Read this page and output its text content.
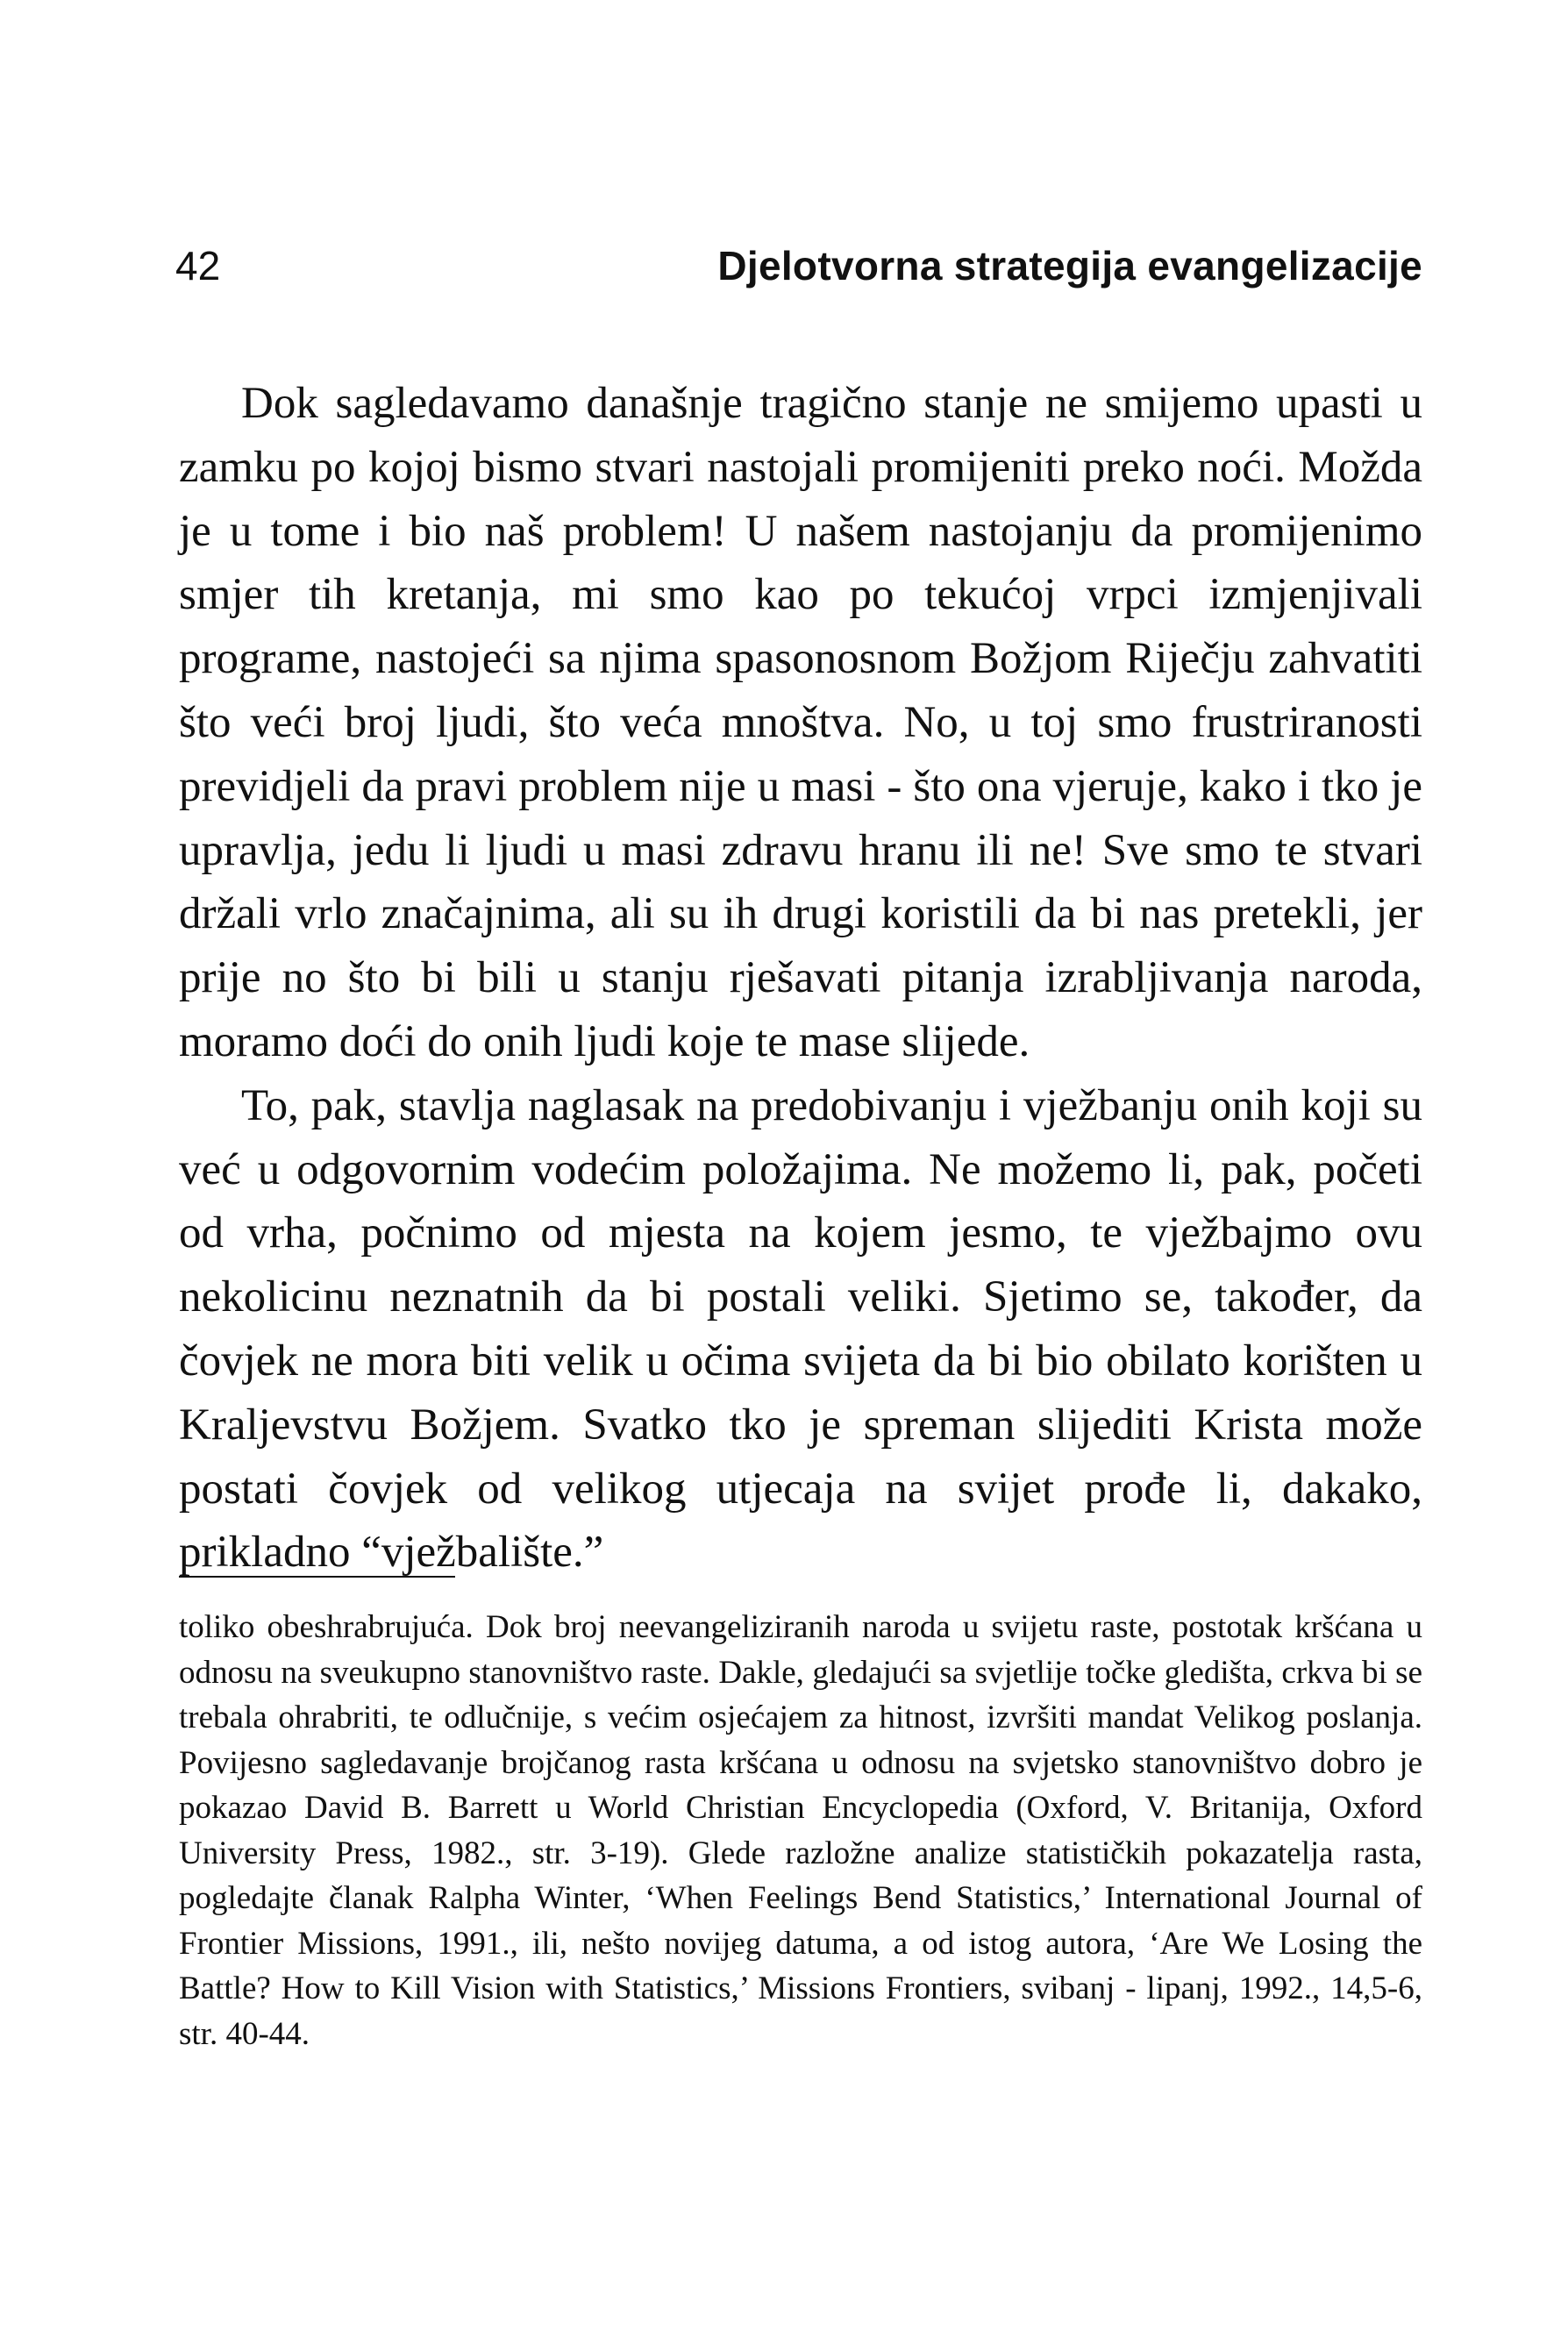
42	Djelotvorna strategija evangelizacije

Dok sagledavamo današnje tragično stanje ne smijemo upasti u zamku po kojoj bismo stvari nastojali promijeniti preko noći. Možda je u tome i bio naš problem! U našem nastojanju da promijenimo smjer tih kretanja, mi smo kao po tekućoj vrpci izmjenjivali programe, nastojeći sa njima spasonosnom Božjom Riječju zahvatiti što veći broj ljudi, što veća mnoštva. No, u toj smo frustriranosti previdjeli da pravi problem nije u masi - što ona vjeruje, kako i tko je upravlja, jedu li ljudi u masi zdravu hranu ili ne! Sve smo te stvari držali vrlo značajnima, ali su ih drugi koristili da bi nas pretekli, jer prije no što bi bili u stanju rješavati pitanja izrabljivanja naroda, moramo doći do onih ljudi koje te mase slijede.

To, pak, stavlja naglasak na predobivanju i vježbanju onih koji su već u odgovornim vodećim položajima. Ne možemo li, pak, početi od vrha, počnimo od mjesta na kojem jesmo, te vježbajmo ovu nekolicinu neznatnih da bi postali veliki. Sjetimo se, također, da čovjek ne mora biti velik u očima svijeta da bi bio obilato korišten u Kraljevstvu Božjem. Svatko tko je spreman slijediti Krista može postati čovjek od velikog utjecaja na svijet prođe li, dakako, prikladno “vježbalište.”

toliko obeshrabrujuća. Dok broj neevangeliziranih naroda u svijetu raste, postotak kršćana u odnosu na sveukupno stanovništvo raste. Dakle, gledajući sa svjetlije točke gledišta, crkva bi se trebala ohrabriti, te odlučnije, s većim osjećajem za hitnost, izvršiti mandat Velikog poslanja. Povijesno sagledavanje brojčanog rasta kršćana u odnosu na svjetsko stanovništvo dobro je pokazao David B. Barrett u World Christian Encyclopedia (Oxford, V. Britanija, Oxford University Press, 1982., str. 3-19). Glede razložne analize statističkih pokazatelja rasta, pogledajte članak Ralpha Winter, ‘When Feelings Bend Statistics,’ International Journal of Frontier Missions, 1991., ili, nešto novijeg datuma, a od istog autora, ‘Are We Losing the Battle? How to Kill Vision with Statistics,’ Missions Frontiers, svibanj - lipanj, 1992., 14,5-6, str. 40-44.
